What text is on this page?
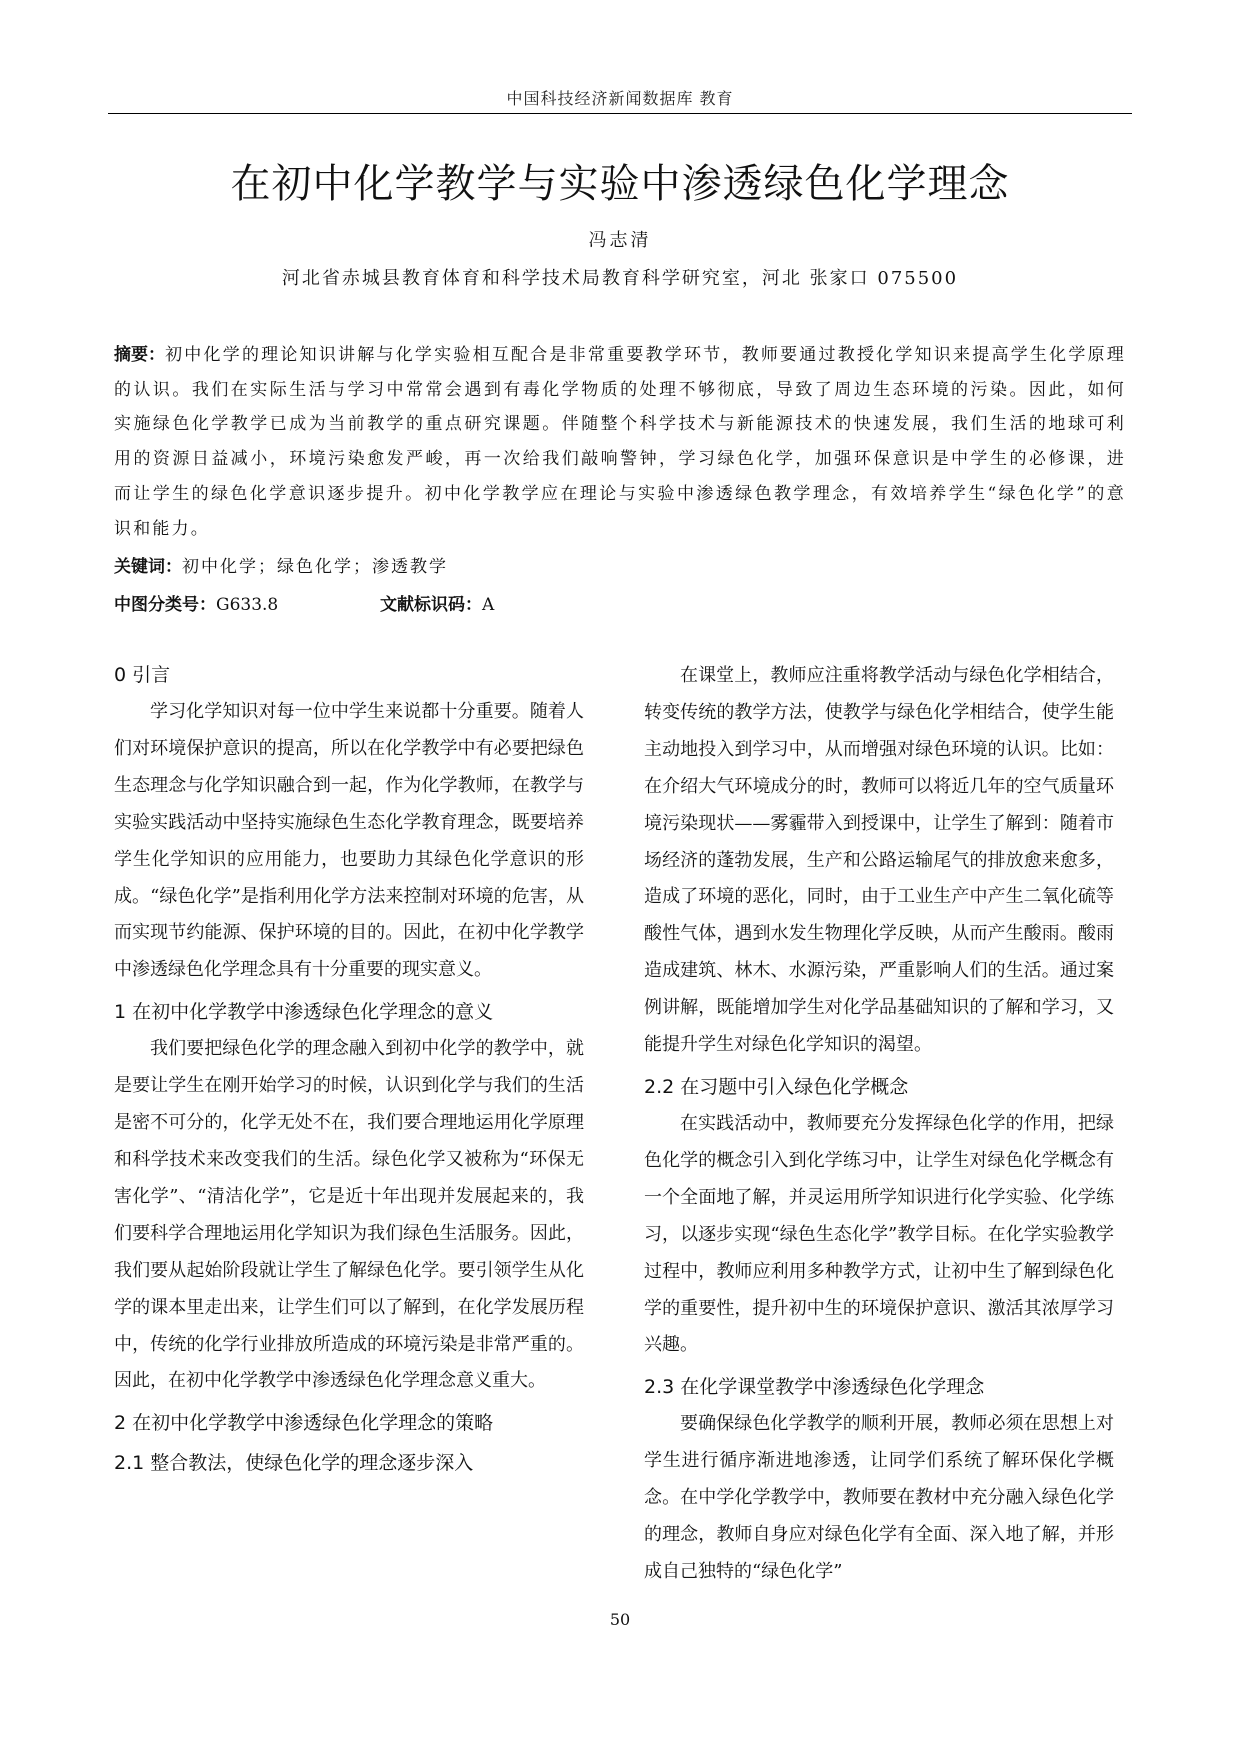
中国科技经济新闻数据库 教育
在初中化学教学与实验中渗透绿色化学理念
冯志清
河北省赤城县教育体育和科学技术局教育科学研究室，河北 张家口 075500
摘要：初中化学的理论知识讲解与化学实验相互配合是非常重要教学环节，教师要通过教授化学知识来提高学生化学原理的认识。我们在实际生活与学习中常常会遇到有毒化学物质的处理不够彻底，导致了周边生态环境的污染。因此，如何实施绿色化学教学已成为当前教学的重点研究课题。伴随整个科学技术与新能源技术的快速发展，我们生活的地球可利用的资源日益减小，环境污染愈发严峻，再一次给我们敲响警钟，学习绿色化学，加强环保意识是中学生的必修课，进而让学生的绿色化学意识逐步提升。初中化学教学应在理论与实验中渗透绿色教学理念，有效培养学生“绿色化学”的意识和能力。
关键词：初中化学；绿色化学；渗透教学
中图分类号：G633.8	文献标识码：A
0 引言

学习化学知识对每一位中学生来说都十分重要。随着人们对环境保护意识的提高，所以在化学教学中有必要把绿色生态理念与化学知识融合到一起，作为化学教师，在教学与实验实践活动中坚持实施绿色生态化学教育理念，既要培养学生化学知识的应用能力，也要助力其绿色化学意识的形成。“绿色化学”是指利用化学方法来控制对环境的危害，从而实现节约能源、保护环境的目的。因此，在初中化学教学中渗透绿色化学理念具有十分重要的现实意义。

1 在初中化学教学中渗透绿色化学理念的意义

我们要把绿色化学的理念融入到初中化学的教学中，就是要让学生在刚开始学习的时候，认识到化学与我们的生活是密不可分的，化学无处不在，我们要合理地运用化学原理和科学技术来改变我们的生活。绿色化学又被称为“环保无害化学”、“清洁化学”，它是近十年出现并发展起来的，我们要科学合理地运用化学知识为我们绿色生活服务。因此，我们要从起始阶段就让学生了解绿色化学。要引领学生从化学的课本里走出来，让学生们可以了解到，在化学发展历程中，传统的化学行业排放所造成的环境污染是非常严重的。因此，在初中化学教学中渗透绿色化学理念意义重大。

2 在初中化学教学中渗透绿色化学理念的策略
2.1 整合教法，使绿色化学的理念逐步深入

在课堂上，教师应注重将教学活动与绿色化学相结合，转变传统的教学方法，使教学与绿色化学相结合，使学生能主动地投入到学习中，从而增强对绿色环境的认识。比如：在介绍大气环境成分的时，教师可以将近几年的空气质量环境污染现状——雾霾带入到授课中，让学生了解到：随着市场经济的蓬勃发展，生产和公路运输尾气的排放愈来愈多，造成了环境的恶化，同时，由于工业生产中产生二氧化硫等酸性气体，遇到水发生物理化学反映，从而产生酸雨。酸雨造成建筑、林木、水源污染，严重影响人们的生活。通过案例讲解，既能增加学生对化学品基础知识的了解和学习，又能提升学生对绿色化学知识的渴望。

2.2 在习题中引入绿色化学概念

在实践活动中，教师要充分发挥绿色化学的作用，把绿色化学的概念引入到化学练习中，让学生对绿色化学概念有一个全面地了解，并灵运用所学知识进行化学实验、化学练习，以逐步实现“绿色生态化学”教学目标。在化学实验教学过程中，教师应利用多种教学方式，让初中生了解到绿色化学的重要性，提升初中生的环境保护意识、激活其浓厚学习兴趣。

2.3 在化学课堂教学中渗透绿色化学理念

要确保绿色化学教学的顺利开展，教师必须在思想上对学生进行循序渐进地渗透，让同学们系统了解环保化学概念。在中学化学教学中，教师要在教材中充分融入绿色化学的理念，教师自身应对绿色化学有全面、深入地了解，并形成自己独特的“绿色化学”

50
